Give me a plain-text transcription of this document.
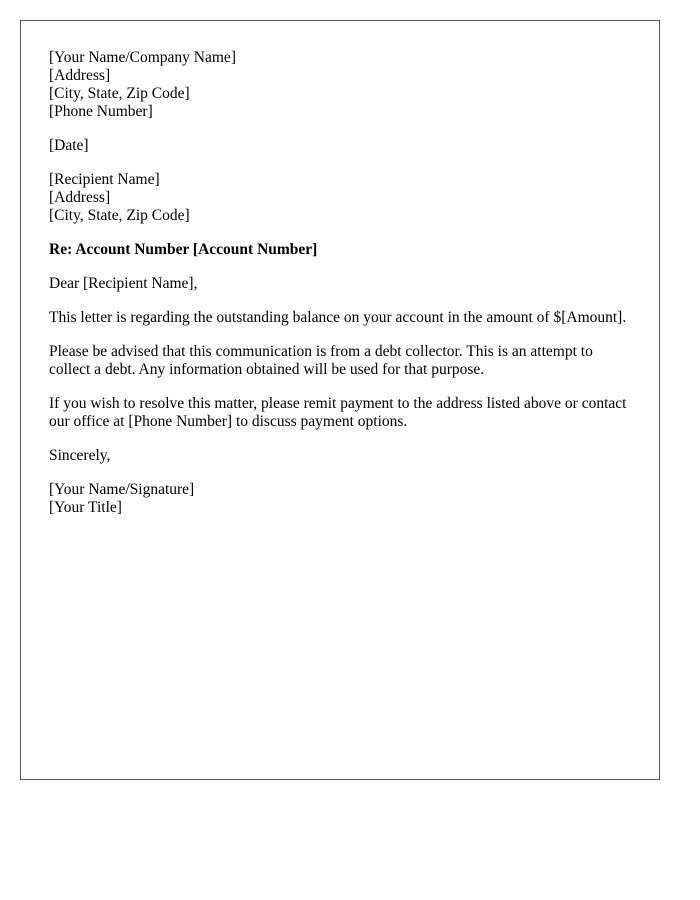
[Your Name/Company Name]
[Address]
[City, State, Zip Code]
[Phone Number]
[Date]
[Recipient Name]
[Address]
[City, State, Zip Code]
Re: Account Number [Account Number]
Dear [Recipient Name],

This letter is regarding the outstanding balance on your account in the amount of $[Amount].

Please be advised that this communication is from a debt collector. This is an attempt to collect a debt. Any information obtained will be used for that purpose.

If you wish to resolve this matter, please remit payment to the address listed above or contact our office at [Phone Number] to discuss payment options.

Sincerely,
[Your Name/Signature]
[Your Title]
